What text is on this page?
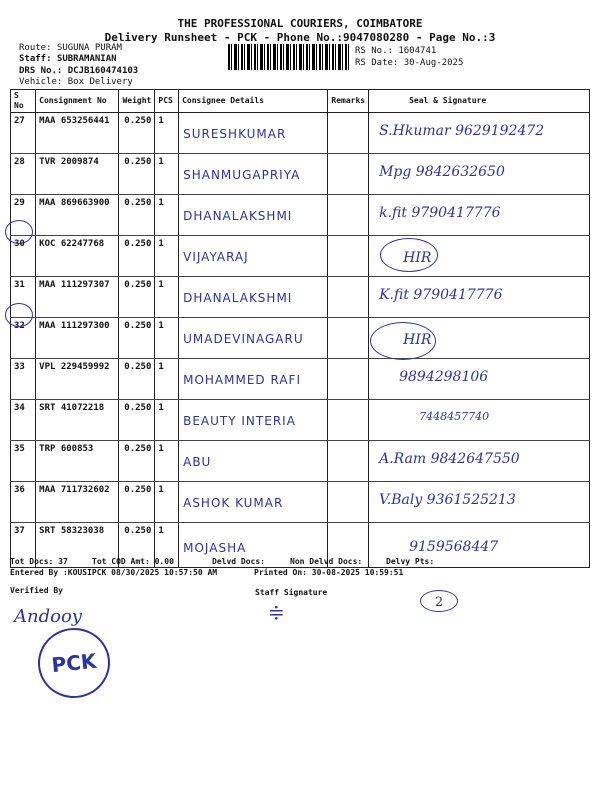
THE PROFESSIONAL COURIERS, COIMBATORE
Delivery Runsheet - PCK - Phone No.:9047080280 - Page No.:3
Route: SUGUNA PURAM
Staff: SUBRAMANIAN
DRS No.: DCJB160474103
Vehicle: Box Delivery
RS No.: 1604741
RS Date: 30-Aug-2025
S No	Consignment No	Weight	PCS	Consignee Details	Remarks	Seal & Signature

27	MAA 653256441	0.250	1	SURESHKUMAR		S.Hkumar 9629192472

28	TVR 2009874	0.250	1	SHANMUGAPRIYA		Mpg 9842632650

29	MAA 869663900	0.250	1	DHANALAKSHMI		k.fit 9790417776

30	KOC 62247768	0.250	1	VIJAYARAJ		HIR

31	MAA 111297307	0.250	1	DHANALAKSHMI		K.fit 9790417776

32	MAA 111297300	0.250	1	UMADEVINAGARU		HIR

33	VPL 229459992	0.250	1	MOHAMMED RAFI		9894298106

34	SRT 41072218	0.250	1	BEAUTY INTERIA		7448457740

35	TRP 600853	0.250	1	ABU		A.Ram 9842647550

36	MAA 711732602	0.250	1	ASHOK KUMAR		V.Baly 9361525213

37	SRT 58323038	0.250	1	MOJASHA		9159568447
Tot Docs: 37	Tot COD Amt: 0.00	Delvd Docs:	Non Delvd Docs:	Delvy Pts:
Entered By :KOUSIPCK 08/30/2025 10:57:50 AM	Printed On: 30-08-2025 10:59:51
Verified By	Staff Signature
Andooy	≑	2
PCK
